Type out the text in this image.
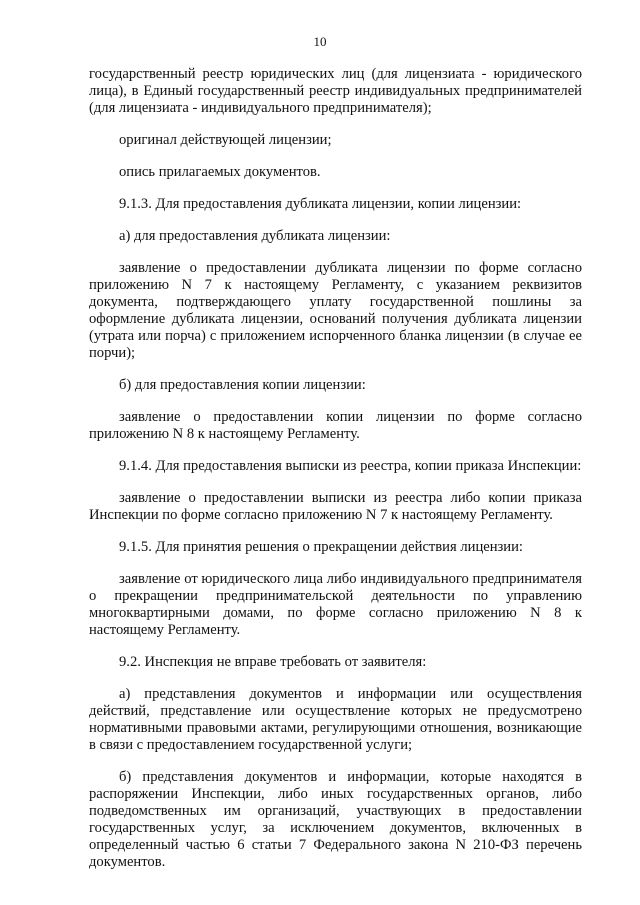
10

государственный реестр юридических лиц (для лицензиата - юридического лица), в Единый государственный реестр индивидуальных предпринимателей (для лицензиата - индивидуального предпринимателя);

оригинал действующей лицензии;

опись прилагаемых документов.

9.1.3. Для предоставления дубликата лицензии, копии лицензии:

а) для предоставления дубликата лицензии:

заявление о предоставлении дубликата лицензии по форме согласно приложению N 7 к настоящему Регламенту, с указанием реквизитов документа, подтверждающего уплату государственной пошлины за оформление дубликата лицензии, оснований получения дубликата лицензии (утрата или порча) с приложением испорченного бланка лицензии (в случае ее порчи);

б) для предоставления копии лицензии:

заявление о предоставлении копии лицензии по форме согласно приложению N 8 к настоящему Регламенту.

9.1.4. Для предоставления выписки из реестра, копии приказа Инспекции:

заявление о предоставлении выписки из реестра либо копии приказа Инспекции по форме согласно приложению N 7 к настоящему Регламенту.

9.1.5. Для принятия решения о прекращении действия лицензии:

заявление от юридического лица либо индивидуального предпринимателя о прекращении предпринимательской деятельности по управлению многоквартирными домами, по форме согласно приложению N 8 к настоящему Регламенту.

9.2. Инспекция не вправе требовать от заявителя:

а) представления документов и информации или осуществления действий, представление или осуществление которых не предусмотрено нормативными правовыми актами, регулирующими отношения, возникающие в связи с предоставлением государственной услуги;

б) представления документов и информации, которые находятся в распоряжении Инспекции, либо иных государственных органов, либо подведомственных им организаций, участвующих в предоставлении государственных услуг, за исключением документов, включенных в определенный частью 6 статьи 7 Федерального закона N 210-ФЗ перечень документов.
